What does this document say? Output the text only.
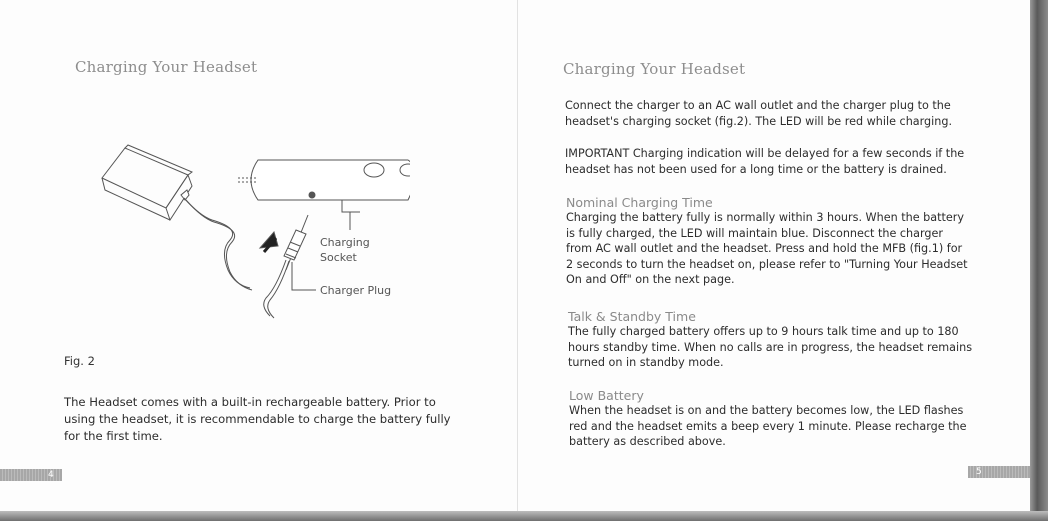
Charging Your Headset
Charging
Socket
Charger Plug
Fig. 2
The Headset comes with a built-in rechargeable battery. Prior to
using the headset, it is recommendable to charge the battery fully
for the first time.
4
Charging Your Headset
Connect the charger to an AC wall outlet and the charger plug to the
headset's charging socket (fig.2). The LED will be red while charging.
IMPORTANT Charging indication will be delayed for a few seconds if the
headset has not been used for a long time or the battery is drained.
Nominal Charging Time
Charging the battery fully is normally within 3 hours. When the battery
is fully charged, the LED will maintain blue. Disconnect the charger
from AC wall outlet and the headset. Press and hold the MFB (fig.1) for
2 seconds to turn the headset on, please refer to "Turning Your Headset
On and Off" on the next page.
Talk & Standby Time
The fully charged battery offers up to 9 hours talk time and up to 180
hours standby time. When no calls are in progress, the headset remains
turned on in standby mode.
Low Battery
When the headset is on and the battery becomes low, the LED flashes
red and the headset emits a beep every 1 minute. Please recharge the
battery as described above.
5
